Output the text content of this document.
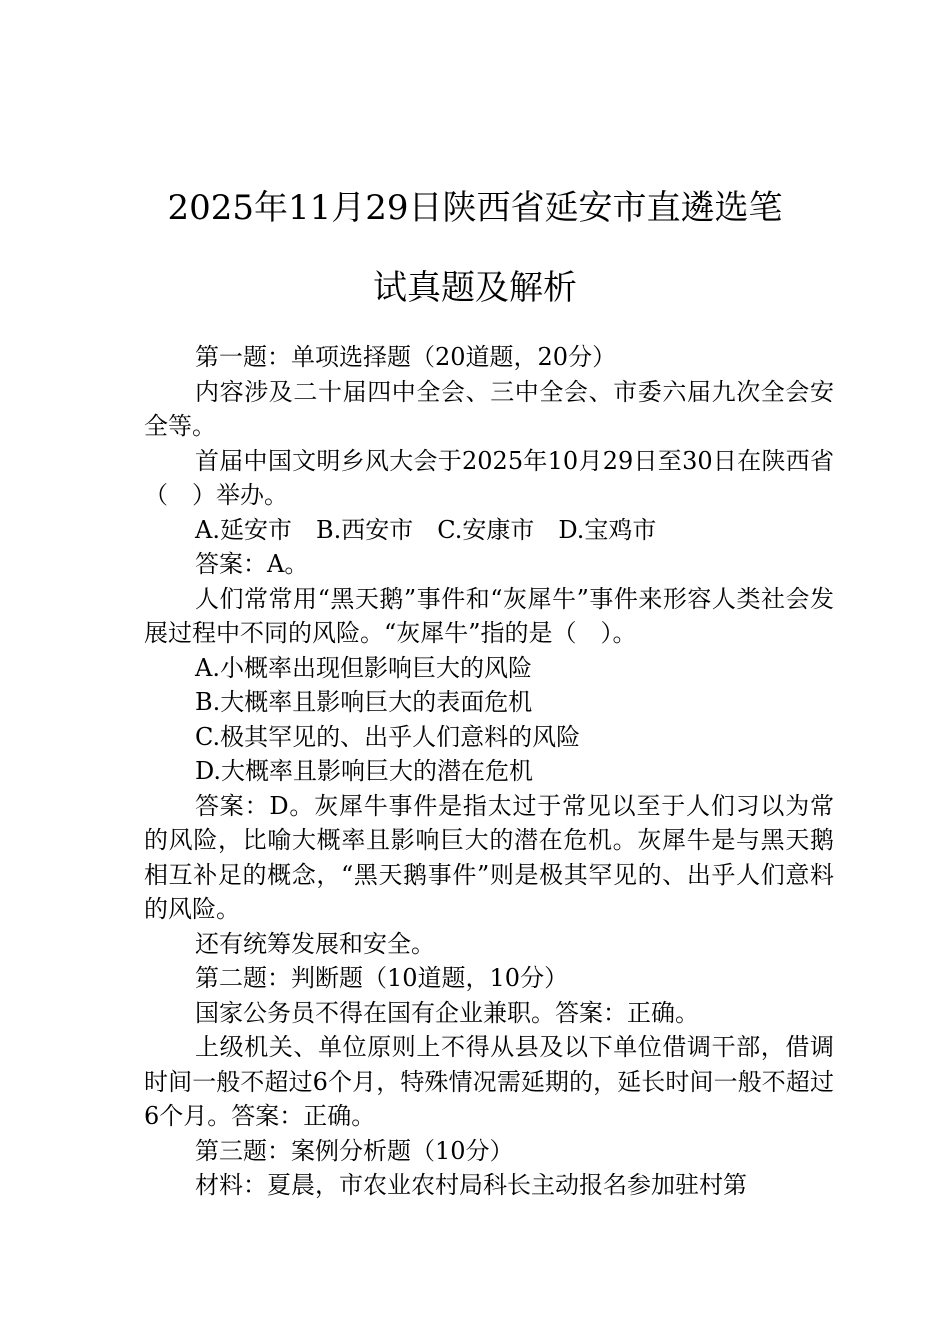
2025年11月29日陕西省延安市直遴选笔
试真题及解析

第一题：单项选择题（20道题，20分）

内容涉及二十届四中全会、三中全会、市委六届九次全会安全等。

首届中国文明乡风大会于2025年10月29日至30日在陕西省（　）举办。

A.延安市　B.西安市　C.安康市　D.宝鸡市

答案：A。

人们常常用“黑天鹅”事件和“灰犀牛”事件来形容人类社会发展过程中不同的风险。“灰犀牛”指的是（　）。

A.小概率出现但影响巨大的风险

B.大概率且影响巨大的表面危机

C.极其罕见的、出乎人们意料的风险

D.大概率且影响巨大的潜在危机

答案：D。灰犀牛事件是指太过于常见以至于人们习以为常的风险，比喻大概率且影响巨大的潜在危机。灰犀牛是与黑天鹅相互补足的概念，“黑天鹅事件”则是极其罕见的、出乎人们意料的风险。

还有统筹发展和安全。

第二题：判断题（10道题，10分）

国家公务员不得在国有企业兼职。答案：正确。

上级机关、单位原则上不得从县及以下单位借调干部，借调时间一般不超过6个月，特殊情况需延期的，延长时间一般不超过6个月。答案：正确。

第三题：案例分析题（10分）

材料：夏晨，市农业农村局科长主动报名参加驻村第
